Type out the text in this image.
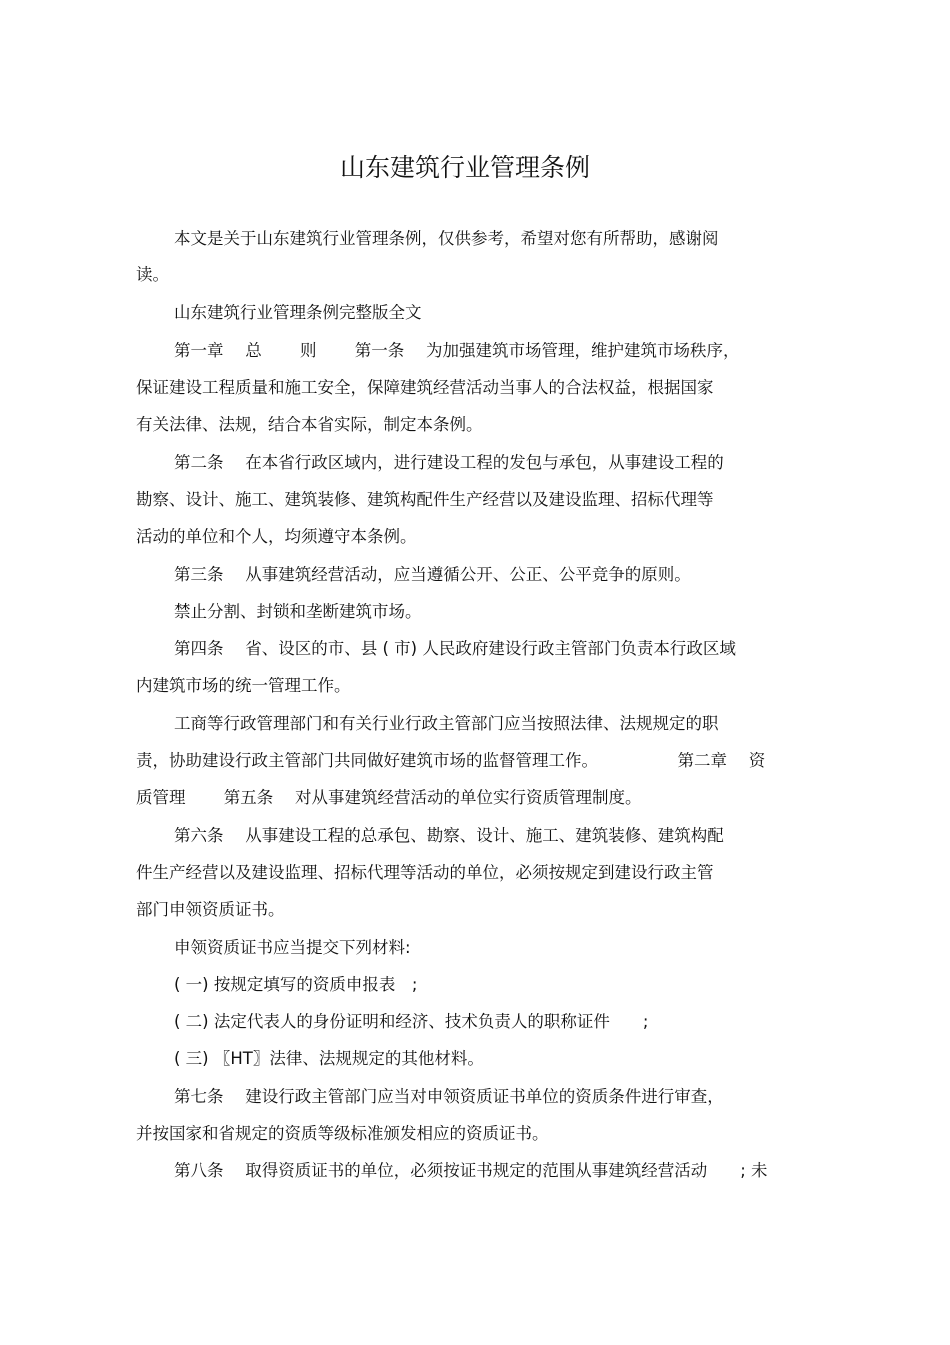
山东建筑行业管理条例
本文是关于山东建筑行业管理条例，仅供参考，希望对您有所帮助，感谢阅
读。
山东建筑行业管理条例完整版全文
第一章　 总　　 则　　 第一条　 为加强建筑市场管理，维护建筑市场秩序，
保证建设工程质量和施工安全，保障建筑经营活动当事人的合法权益，根据国家
有关法律、法规，结合本省实际，制定本条例。
第二条　 在本省行政区域内，进行建设工程的发包与承包，从事建设工程的
勘察、设计、施工、建筑装修、建筑构配件生产经营以及建设监理、招标代理等
活动的单位和个人，均须遵守本条例。
第三条　 从事建筑经营活动，应当遵循公开、公正、公平竞争的原则。
禁止分割、封锁和垄断建筑市场。
第四条　 省、设区的市、县 ( 市) 人民政府建设行政主管部门负责本行政区域
内建筑市场的统一管理工作。
工商等行政管理部门和有关行业行政主管部门应当按照法律、法规规定的职
责，协助建设行政主管部门共同做好建筑市场的监督管理工作。　　　　　 第二章　 资
质管理　　 第五条　 对从事建筑经营活动的单位实行资质管理制度。
第六条　 从事建设工程的总承包、勘察、设计、施工、建筑装修、建筑构配
件生产经营以及建设监理、招标代理等活动的单位，必须按规定到建设行政主管
部门申领资质证书。
申领资质证书应当提交下列材料:
( 一) 按规定填写的资质申报表　;
( 二) 法定代表人的身份证明和经济、技术负责人的职称证件　　;
( 三) 〖HT〗法律、法规规定的其他材料。
第七条　 建设行政主管部门应当对申领资质证书单位的资质条件进行审查，
并按国家和省规定的资质等级标准颁发相应的资质证书。
第八条　 取得资质证书的单位，必须按证书规定的范围从事建筑经营活动　　; 未
